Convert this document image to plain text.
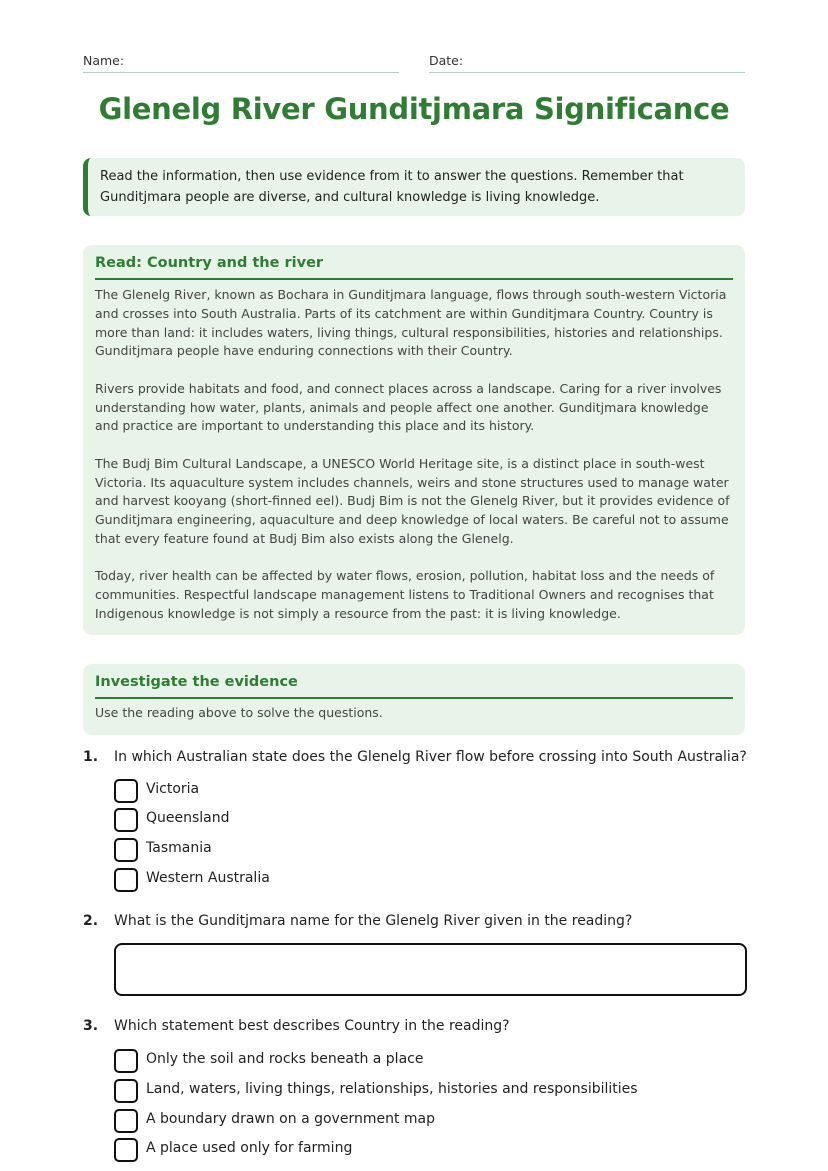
Name:	Date:
Glenelg River Gunditjmara Significance
Read the information, then use evidence from it to answer the questions. Remember that Gunditjmara people are diverse, and cultural knowledge is living knowledge.
Read: Country and the river

The Glenelg River, known as Bochara in Gunditjmara language, flows through south-western Victoria and crosses into South Australia. Parts of its catchment are within Gunditjmara Country. Country is more than land: it includes waters, living things, cultural responsibilities, histories and relationships. Gunditjmara people have enduring connections with their Country.

Rivers provide habitats and food, and connect places across a landscape. Caring for a river involves understanding how water, plants, animals and people affect one another. Gunditjmara knowledge and practice are important to understanding this place and its history.

The Budj Bim Cultural Landscape, a UNESCO World Heritage site, is a distinct place in south-west Victoria. Its aquaculture system includes channels, weirs and stone structures used to manage water and harvest kooyang (short-finned eel). Budj Bim is not the Glenelg River, but it provides evidence of Gunditjmara engineering, aquaculture and deep knowledge of local waters. Be careful not to assume that every feature found at Budj Bim also exists along the Glenelg.

Today, river health can be affected by water flows, erosion, pollution, habitat loss and the needs of communities. Respectful landscape management listens to Traditional Owners and recognises that Indigenous knowledge is not simply a resource from the past: it is living knowledge.

Investigate the evidence
Use the reading above to solve the questions.
1. In which Australian state does the Glenelg River flow before crossing into South Australia?
Victoria
Queensland
Tasmania
Western Australia
2. What is the Gunditjmara name for the Glenelg River given in the reading?
3. Which statement best describes Country in the reading?
Only the soil and rocks beneath a place
Land, waters, living things, relationships, histories and responsibilities
A boundary drawn on a government map
A place used only for farming
